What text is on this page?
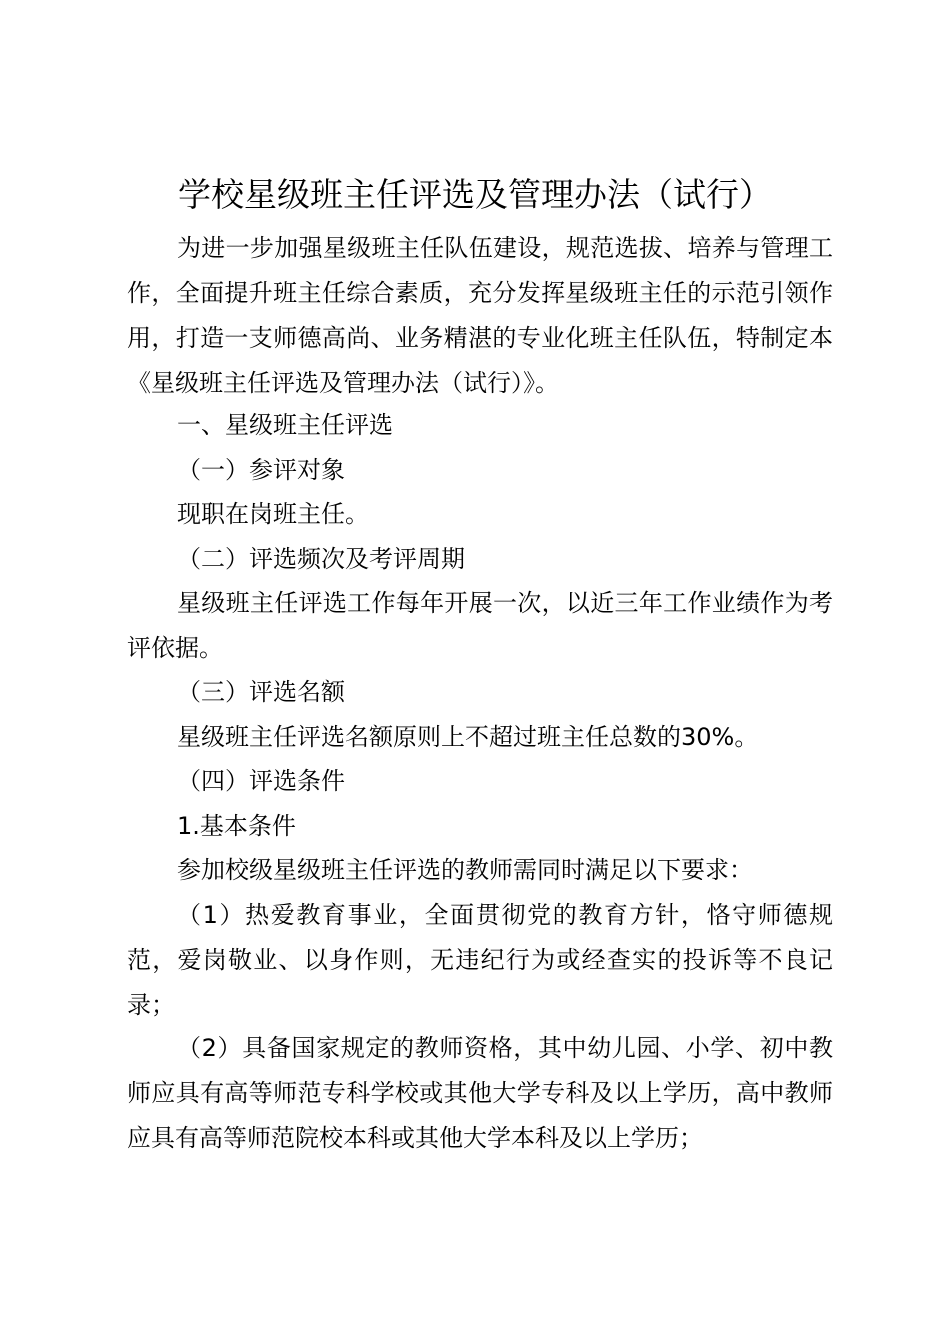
学校星级班主任评选及管理办法（试行）

为进一步加强星级班主任队伍建设，规范选拔、培养与管理工作，全面提升班主任综合素质，充分发挥星级班主任的示范引领作用，打造一支师德高尚、业务精湛的专业化班主任队伍，特制定本《星级班主任评选及管理办法（试行）》。

一、星级班主任评选

（一）参评对象

现职在岗班主任。

（二）评选频次及考评周期

星级班主任评选工作每年开展一次，以近三年工作业绩作为考评依据。

（三）评选名额

星级班主任评选名额原则上不超过班主任总数的30%。

（四）评选条件

1.基本条件

参加校级星级班主任评选的教师需同时满足以下要求：

（1）热爱教育事业，全面贯彻党的教育方针，恪守师德规范，爱岗敬业、以身作则，无违纪行为或经查实的投诉等不良记录；

（2）具备国家规定的教师资格，其中幼儿园、小学、初中教师应具有高等师范专科学校或其他大学专科及以上学历，高中教师应具有高等师范院校本科或其他大学本科及以上学历；
